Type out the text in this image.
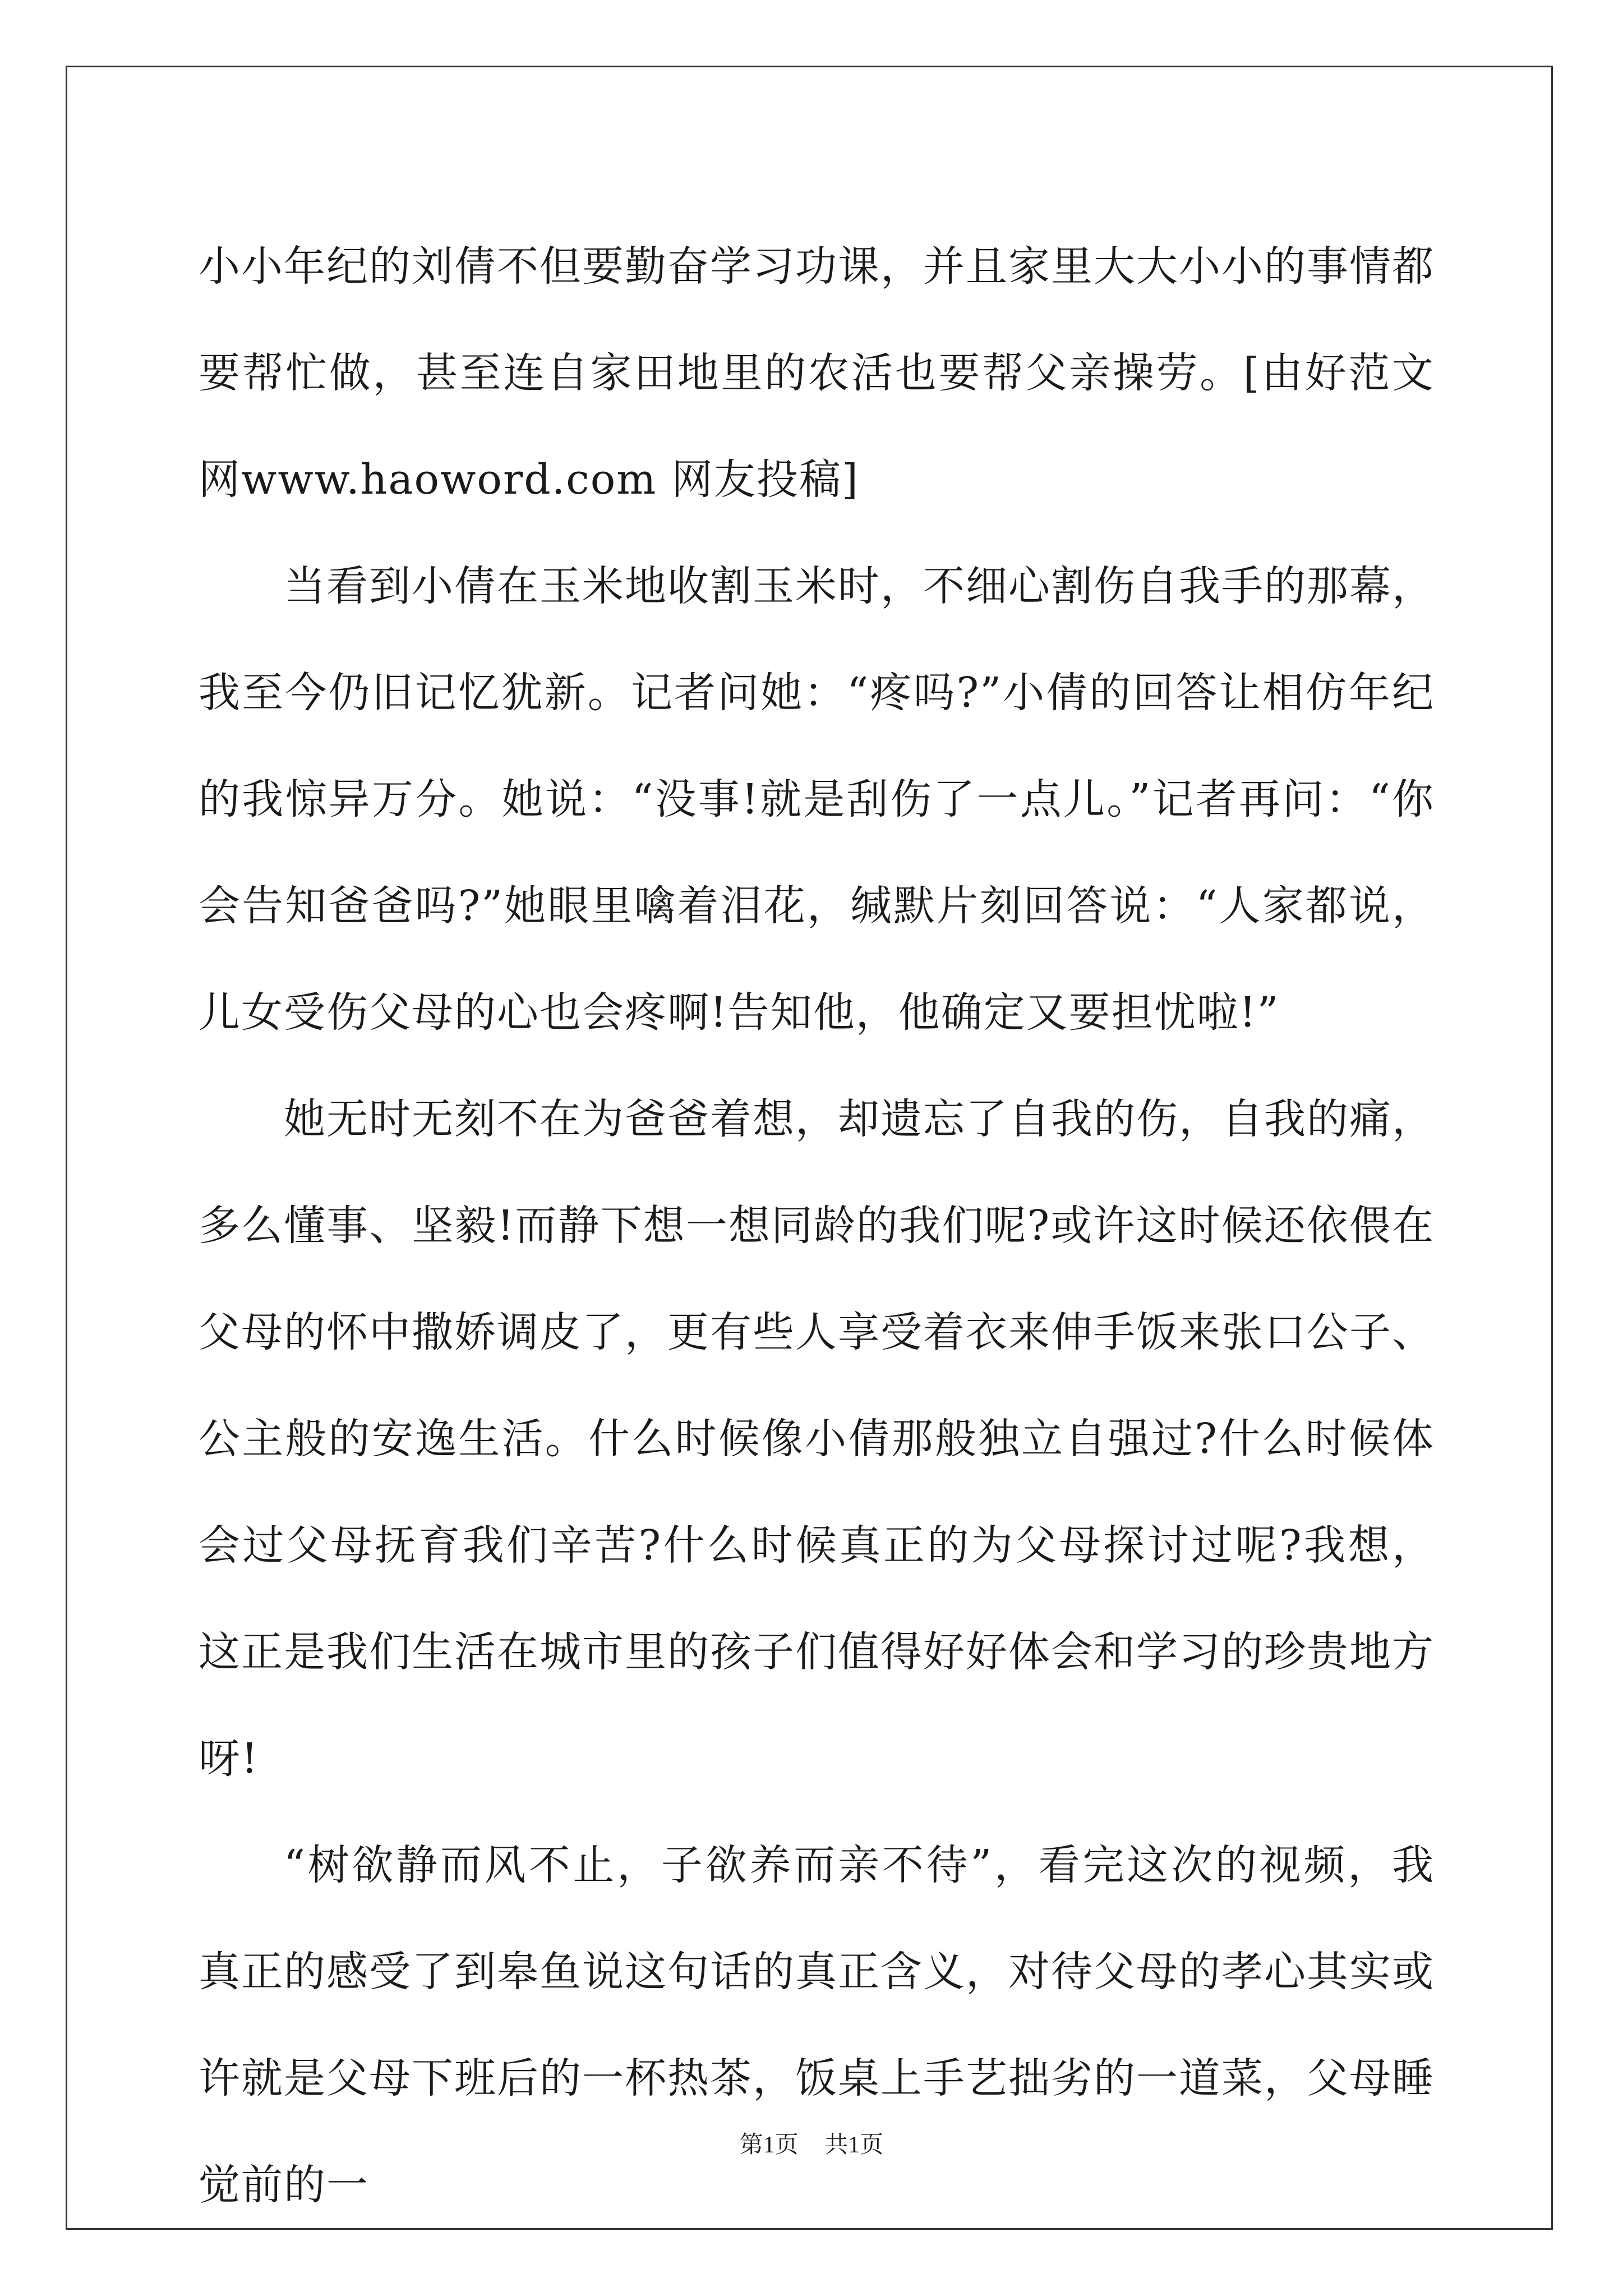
小小年纪的刘倩不但要勤奋学习功课，并且家里大大小小的事情都要帮忙做，甚至连自家田地里的农活也要帮父亲操劳。[由好范文网www.haoword.com 网友投稿]

当看到小倩在玉米地收割玉米时，不细心割伤自我手的那幕，我至今仍旧记忆犹新。记者问她：“疼吗?”小倩的回答让相仿年纪的我惊异万分。她说：“没事!就是刮伤了一点儿。”记者再问：“你会告知爸爸吗?”她眼里噙着泪花，缄默片刻回答说：“人家都说，儿女受伤父母的心也会疼啊!告知他，他确定又要担忧啦!”

她无时无刻不在为爸爸着想，却遗忘了自我的伤，自我的痛，多么懂事、坚毅!而静下想一想同龄的我们呢?或许这时候还依偎在父母的怀中撒娇调皮了，更有些人享受着衣来伸手饭来张口公子、公主般的安逸生活。什么时候像小倩那般独立自强过?什么时候体会过父母抚育我们辛苦?什么时候真正的为父母探讨过呢?我想，这正是我们生活在城市里的孩子们值得好好体会和学习的珍贵地方呀!

“树欲静而风不止，子欲养而亲不待”，看完这次的视频，我真正的感受了到皋鱼说这句话的真正含义，对待父母的孝心其实或许就是父母下班后的一杯热茶，饭桌上手艺拙劣的一道菜，父母睡觉前的一

第1页 共1页
